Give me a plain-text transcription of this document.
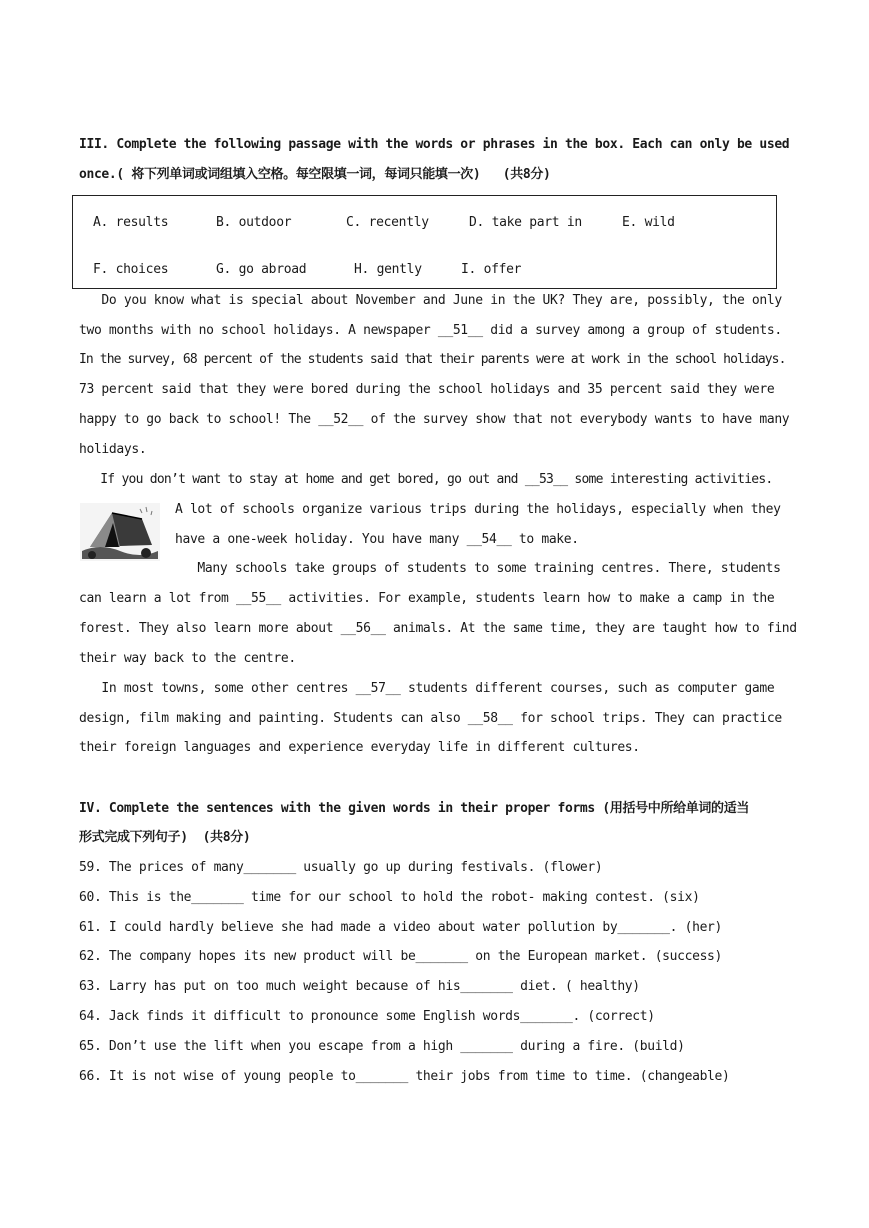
III. Complete the following passage with the words or phrases in the box. Each can only be used
once.( 将下列单词或词组填入空格。每空限填一词，每词只能填一次)   (共8分)
A. results	B. outdoor	C. recently	D. take part in	E. wild
F. choices	G. go abroad	H. gently	I. offer
Do you know what is special about November and June in the UK? They are, possibly, the only
two months with no school holidays. A newspaper __51__ did a survey among a group of students.
In the survey, 68 percent of the students said that their parents were at work in the school holidays.
73 percent said that they were bored during the school holidays and 35 percent said they were
happy to go back to school! The __52__ of the survey show that not everybody wants to have many
holidays.
If you don’t want to stay at home and get bored, go out and __53__ some interesting activities.
A lot of schools organize various trips during the holidays, especially when they
have a one-week holiday. You have many __54__ to make.
Many schools take groups of students to some training centres. There, students
can learn a lot from __55__ activities. For example, students learn how to make a camp in the
forest. They also learn more about __56__ animals. At the same time, they are taught how to find
their way back to the centre.
In most towns, some other centres __57__ students different courses, such as computer game
design, film making and painting. Students can also __58__ for school trips. They can practice
their foreign languages and experience everyday life in different cultures.
IV. Complete the sentences with the given words in their proper forms (用括号中所给单词的适当
形式完成下列句子)  (共8分)
59. The prices of many_______ usually go up during festivals. (flower)
60. This is the_______ time for our school to hold the robot- making contest. (six)
61. I could hardly believe she had made a video about water pollution by_______. (her)
62. The company hopes its new product will be_______ on the European market. (success)
63. Larry has put on too much weight because of his_______ diet. ( healthy)
64. Jack finds it difficult to pronounce some English words_______. (correct)
65. Don’t use the lift when you escape from a high _______ during a fire. (build)
66. It is not wise of young people to_______ their jobs from time to time. (changeable)
